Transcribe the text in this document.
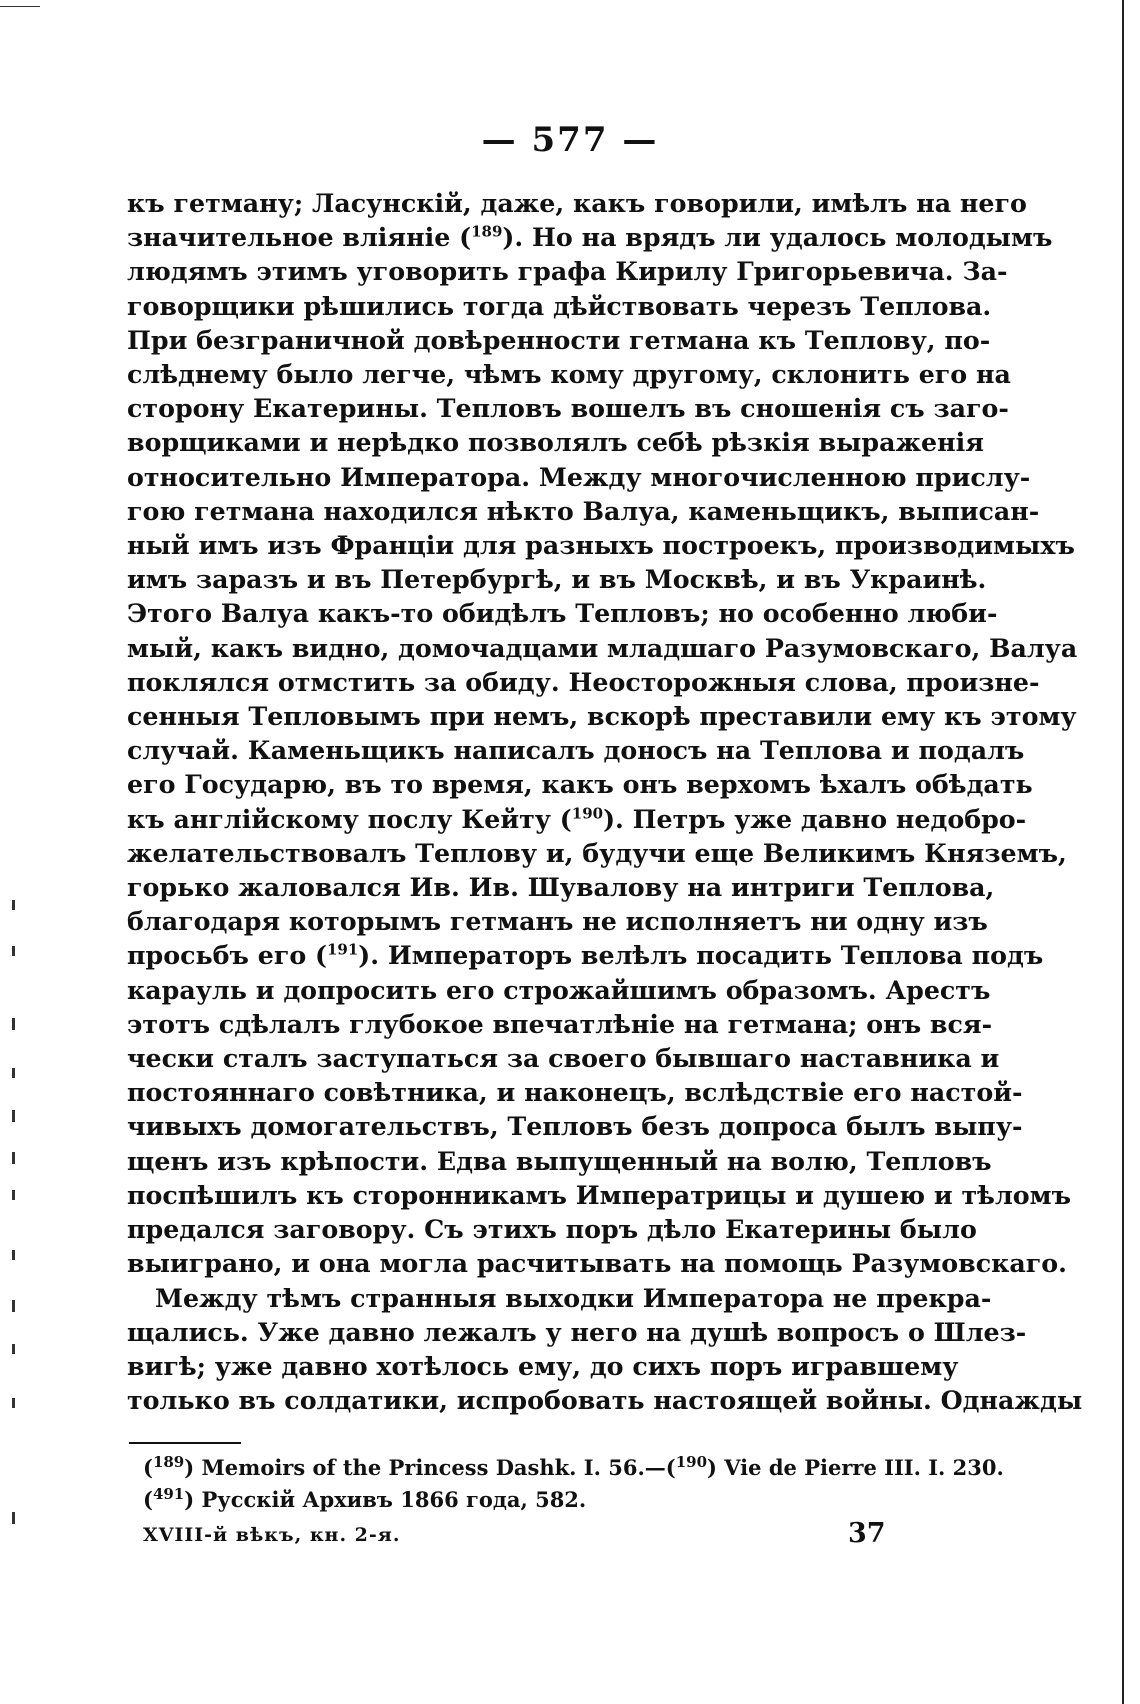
— 577 —
къ гетману; Ласунскій, даже, какъ говорили, имѣлъ на него
значительное вліяніе ($^{189}$). Но на врядъ ли удалось молодымъ
людямъ этимъ уговорить графа Кирилу Григорьевича. За-
говорщики рѣшились тогда дѣйствовать черезъ Теплова.
При безграничной довѣренности гетмана къ Теплову, по-
слѣднему было легче, чѣмъ кому другому, склонить его на
сторону Екатерины. Тепловъ вошелъ въ сношенія съ заго-
ворщиками и нерѣдко позволялъ себѣ рѣзкія выраженія
относительно Императора. Между многочисленною прислу-
гою гетмана находился нѣкто Валуа, каменьщикъ, выписан-
ный имъ изъ Франціи для разныхъ построекъ, производимыхъ
имъ заразъ и въ Петербургѣ, и въ Москвѣ, и въ Украинѣ.
Этого Валуа какъ-то обидѣлъ Тепловъ; но особенно люби-
мый, какъ видно, домочадцами младшаго Разумовскаго, Валуа
поклялся отмстить за обиду. Неосторожныя слова, произне-
сенныя Тепловымъ при немъ, вскорѣ преставили ему къ этому
случай. Каменьщикъ написалъ доносъ на Теплова и подалъ
его Государю, въ то время, какъ онъ верхомъ ѣхалъ обѣдать
къ англійскому послу Кейту ($^{190}$). Петръ уже давно недобро-
желательствовалъ Теплову и, будучи еще Великимъ Княземъ,
горько жаловался Ив. Ив. Шувалову на интриги Теплова,
благодаря которымъ гетманъ не исполняетъ ни одну изъ
просьбъ его ($^{191}$). Императоръ велѣлъ посадить Теплова подъ
карауль и допросить его строжайшимъ образомъ. Арестъ
этотъ сдѣлалъ глубокое впечатлѣніе на гетмана; онъ вся-
чески сталъ заступаться за своего бывшаго наставника и
постояннаго совѣтника, и наконецъ, вслѣдствіе его настой-
чивыхъ домогательствъ, Тепловъ безъ допроса былъ выпу-
щенъ изъ крѣпости. Едва выпущенный на волю, Тепловъ
поспѣшилъ къ сторонникамъ Императрицы и душею и тѣломъ
предался заговору. Съ этихъ поръ дѣло Екатерины было
выиграно, и она могла расчитывать на помощь Разумовскаго.
Между тѣмъ странныя выходки Императора не прекра-
щались. Уже давно лежалъ у него на душѣ вопросъ о Шлез-
вигѣ; уже давно хотѣлось ему, до сихъ поръ игравшему
только въ солдатики, испробовать настоящей войны. Однажды
($^{189}$) Memoirs of the Princess Dashk. I. 56.—($^{190}$) Vie de Pierre III. I. 230.
($^{491}$) Русскій Архивъ 1866 года, 582.
XVIII-й вѣкъ, кн. 2-я.	37
